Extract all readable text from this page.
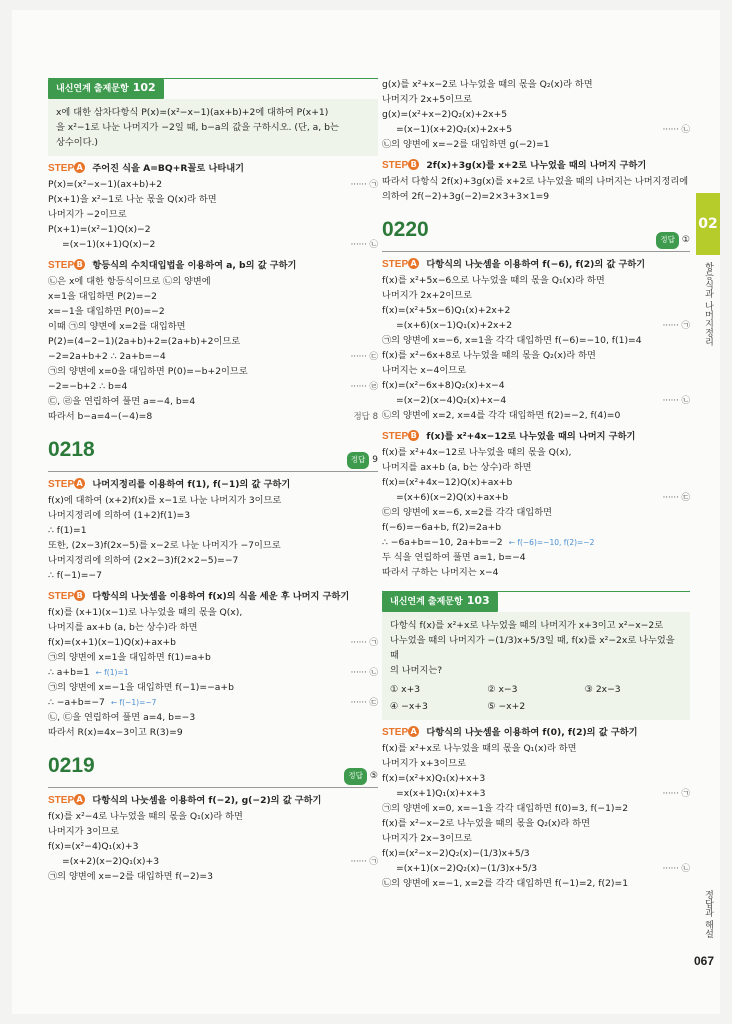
내신연계 출제문항 102
x에 대한 삼차다항식 P(x)=(x²−x−1)(ax+b)+2에 대하여 P(x+1)
을 x²−1로 나눈 나머지가 −2일 때, b−a의 값을 구하시오. (단, a, b는
상수이다.)
STEP A 주어진 식을 A=BQ+R꼴로 나타내기
P(x)=(x²−x−1)(ax+b)+2	······ ㉠
P(x+1)을 x²−1로 나눈 몫을 Q(x)라 하면
나머지가 −2이므로
P(x+1)=(x²−1)Q(x)−2
=(x−1)(x+1)Q(x)−2	······ ㉡
STEP B 항등식의 수치대입법을 이용하여 a, b의 값 구하기
㉡은 x에 대한 항등식이므로 ㉡의 양변에
x=1을 대입하면 P(2)=−2
x=−1을 대입하면 P(0)=−2
이때 ㉠의 양변에 x=2를 대입하면
P(2)=(4−2−1)(2a+b)+2=(2a+b)+2이므로
−2=2a+b+2 ∴ 2a+b=−4	······ ㉢
㉠의 양변에 x=0을 대입하면 P(0)=−b+2이므로
−2=−b+2 ∴ b=4	······ ㉣
㉢, ㉣을 연립하여 풀면 a=−4, b=4
따라서 b−a=4−(−4)=8	정답 8
0218	정답 9
STEP A 나머지정리를 이용하여 f(1), f(−1)의 값 구하기
f(x)에 대하여 (x+2)f(x)를 x−1로 나눈 나머지가 3이므로
나머지정리에 의하여 (1+2)f(1)=3
∴ f(1)=1
또한, (2x−3)f(2x−5)를 x−2로 나눈 나머지가 −7이므로
나머지정리에 의하여 (2×2−3)f(2×2−5)=−7
∴ f(−1)=−7
STEP B 다항식의 나눗셈을 이용하여 f(x)의 식을 세운 후 나머지 구하기
f(x)를 (x+1)(x−1)로 나누었을 때의 몫을 Q(x),
나머지를 ax+b (a, b는 상수)라 하면
f(x)=(x+1)(x−1)Q(x)+ax+b	······ ㉠
㉠의 양변에 x=1을 대입하면 f(1)=a+b
∴ a+b=1 ← f(1)=1	······ ㉡
㉠의 양변에 x=−1을 대입하면 f(−1)=−a+b
∴ −a+b=−7 ← f(−1)=−7	······ ㉢
㉡, ㉢을 연립하여 풀면 a=4, b=−3
따라서 R(x)=4x−3이고 R(3)=9
0219	정답 ⑤
STEP A 다항식의 나눗셈을 이용하여 f(−2), g(−2)의 값 구하기
f(x)를 x²−4로 나누었을 때의 몫을 Q₁(x)라 하면
나머지가 3이므로
f(x)=(x²−4)Q₁(x)+3
=(x+2)(x−2)Q₁(x)+3	······ ㉠
㉠의 양변에 x=−2를 대입하면 f(−2)=3
g(x)를 x²+x−2로 나누었을 때의 몫을 Q₂(x)라 하면
나머지가 2x+5이므로
g(x)=(x²+x−2)Q₂(x)+2x+5
=(x−1)(x+2)Q₂(x)+2x+5	······ ㉡
㉡의 양변에 x=−2를 대입하면 g(−2)=1
STEP B 2f(x)+3g(x)를 x+2로 나누었을 때의 나머지 구하기
따라서 다항식 2f(x)+3g(x)를 x+2로 나누었을 때의 나머지는 나머지정리에
의하여 2f(−2)+3g(−2)=2×3+3×1=9
0220	정답 ①
STEP A 다항식의 나눗셈을 이용하여 f(−6), f(2)의 값 구하기
f(x)를 x²+5x−6으로 나누었을 때의 몫을 Q₁(x)라 하면
나머지가 2x+2이므로
f(x)=(x²+5x−6)Q₁(x)+2x+2
=(x+6)(x−1)Q₁(x)+2x+2	······ ㉠
㉠의 양변에 x=−6, x=1을 각각 대입하면 f(−6)=−10, f(1)=4
f(x)를 x²−6x+8로 나누었을 때의 몫을 Q₂(x)라 하면
나머지는 x−4이므로
f(x)=(x²−6x+8)Q₂(x)+x−4
=(x−2)(x−4)Q₂(x)+x−4	······ ㉡
㉡의 양변에 x=2, x=4를 각각 대입하면 f(2)=−2, f(4)=0
STEP B f(x)를 x²+4x−12로 나누었을 때의 나머지 구하기
f(x)를 x²+4x−12로 나누었을 때의 몫을 Q(x),
나머지를 ax+b (a, b는 상수)라 하면
f(x)=(x²+4x−12)Q(x)+ax+b
=(x+6)(x−2)Q(x)+ax+b	······ ㉢
㉢의 양변에 x=−6, x=2를 각각 대입하면
f(−6)=−6a+b, f(2)=2a+b
∴ −6a+b=−10, 2a+b=−2 ← f(−6)=−10, f(2)=−2
두 식을 연립하여 풀면 a=1, b=−4
따라서 구하는 나머지는 x−4
내신연계 출제문항 103
다항식 f(x)를 x²+x로 나누었을 때의 나머지가 x+3이고 x²−x−2로
나누었을 때의 나머지가 −(1/3)x+5/3일 때, f(x)를 x²−2x로 나누었을 때
의 나머지는?
① x+3	② x−3	③ 2x−3
④ −x+3	⑤ −x+2
STEP A 다항식의 나눗셈을 이용하여 f(0), f(2)의 값 구하기
f(x)를 x²+x로 나누었을 때의 몫을 Q₁(x)라 하면
나머지가 x+3이므로
f(x)=(x²+x)Q₁(x)+x+3
=x(x+1)Q₁(x)+x+3	······ ㉠
㉠의 양변에 x=0, x=−1을 각각 대입하면 f(0)=3, f(−1)=2
f(x)를 x²−x−2로 나누었을 때의 몫을 Q₂(x)라 하면
나머지가 2x−3이므로
f(x)=(x²−x−2)Q₂(x)−(1/3)x+5/3
=(x+1)(x−2)Q₂(x)−(1/3)x+5/3	······ ㉡
㉡의 양변에 x=−1, x=2를 각각 대입하면 f(−1)=2, f(2)=1
02
항등식과 나머지정리
정답과 해설
067
